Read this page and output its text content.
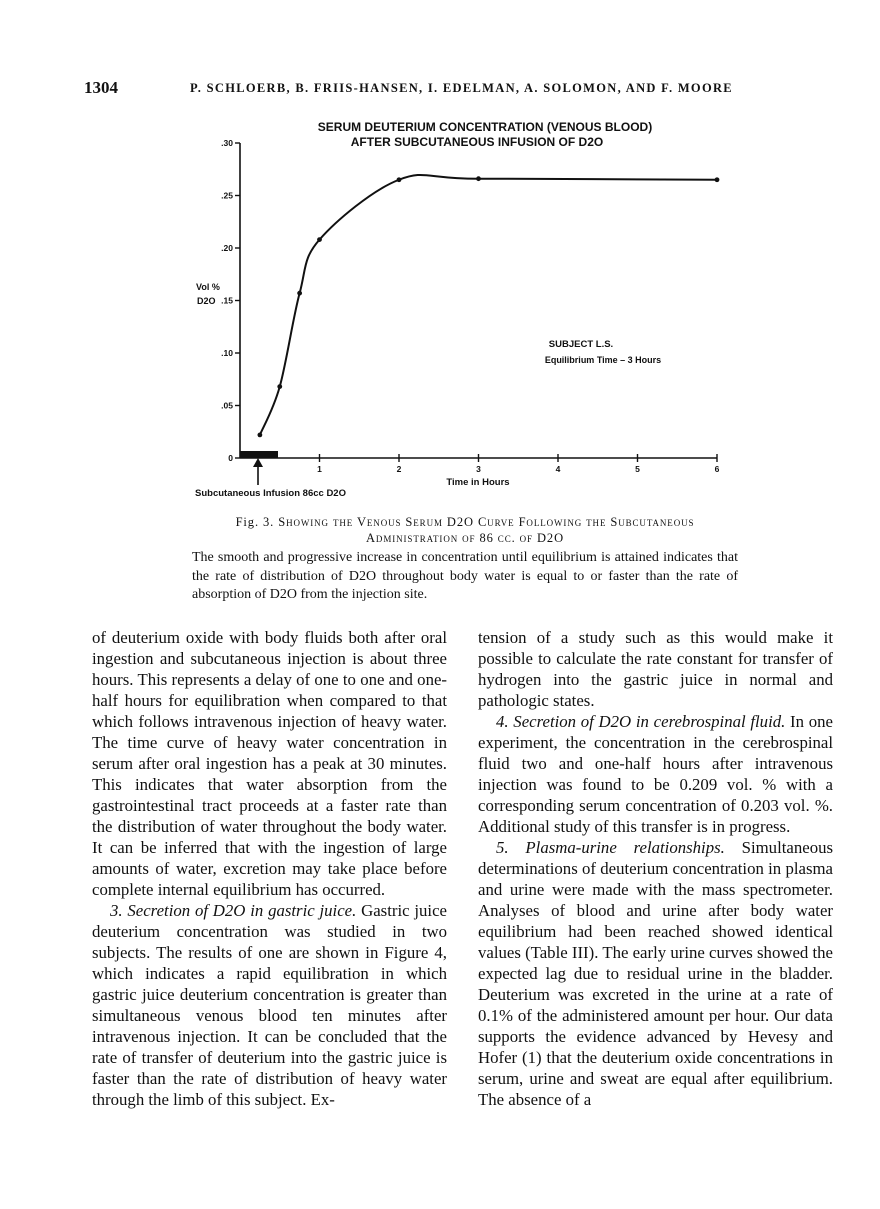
1304	P. SCHLOERB, B. FRIIS-HANSEN, I. EDELMAN, A. SOLOMON, AND F. MOORE
SERUM DEUTERIUM CONCENTRATION (VENOUS BLOOD)
AFTER SUBCUTANEOUS INFUSION OF D2O
Vol %
D2O
.30
.25
.20
.15
.10
.05
0
1	2	3	4	5	6
Subcutaneous Infusion 86cc D2O
Time in Hours
SUBJECT L.S.
Equilibrium Time – 3 Hours
Fig. 3. Showing the Venous Serum D2O Curve Following the Subcutaneous Administration of 86 cc. of D2O
The smooth and progressive increase in concentration until equilibrium is attained indicates that the rate of distribution of D2O throughout body water is equal to or faster than the rate of absorption of D2O from the injection site.

of deuterium oxide with body fluids both after oral ingestion and subcutaneous injection is about three hours. This represents a delay of one to one and one-half hours for equilibration when compared to that which follows intravenous injection of heavy water. The time curve of heavy water concentration in serum after oral ingestion has a peak at 30 minutes. This indicates that water absorption from the gastrointestinal tract proceeds at a faster rate than the distribution of water throughout the body water. It can be inferred that with the ingestion of large amounts of water, excretion may take place before complete internal equilibrium has occurred.

3. Secretion of D2O in gastric juice. Gastric juice deuterium concentration was studied in two subjects. The results of one are shown in Figure 4, which indicates a rapid equilibration in which gastric juice deuterium concentration is greater than simultaneous venous blood ten minutes after intravenous injection. It can be concluded that the rate of transfer of deuterium into the gastric juice is faster than the rate of distribution of heavy water through the limb of this subject. Ex-

tension of a study such as this would make it possible to calculate the rate constant for transfer of hydrogen into the gastric juice in normal and pathologic states.

4. Secretion of D2O in cerebrospinal fluid. In one experiment, the concentration in the cerebrospinal fluid two and one-half hours after intravenous injection was found to be 0.209 vol. % with a corresponding serum concentration of 0.203 vol. %. Additional study of this transfer is in progress.

5. Plasma-urine relationships. Simultaneous determinations of deuterium concentration in plasma and urine were made with the mass spectrometer. Analyses of blood and urine after body water equilibrium had been reached showed identical values (Table III). The early urine curves showed the expected lag due to residual urine in the bladder. Deuterium was excreted in the urine at a rate of 0.1% of the administered amount per hour. Our data supports the evidence advanced by Hevesy and Hofer (1) that the deuterium oxide concentrations in serum, urine and sweat are equal after equilibrium. The absence of a
